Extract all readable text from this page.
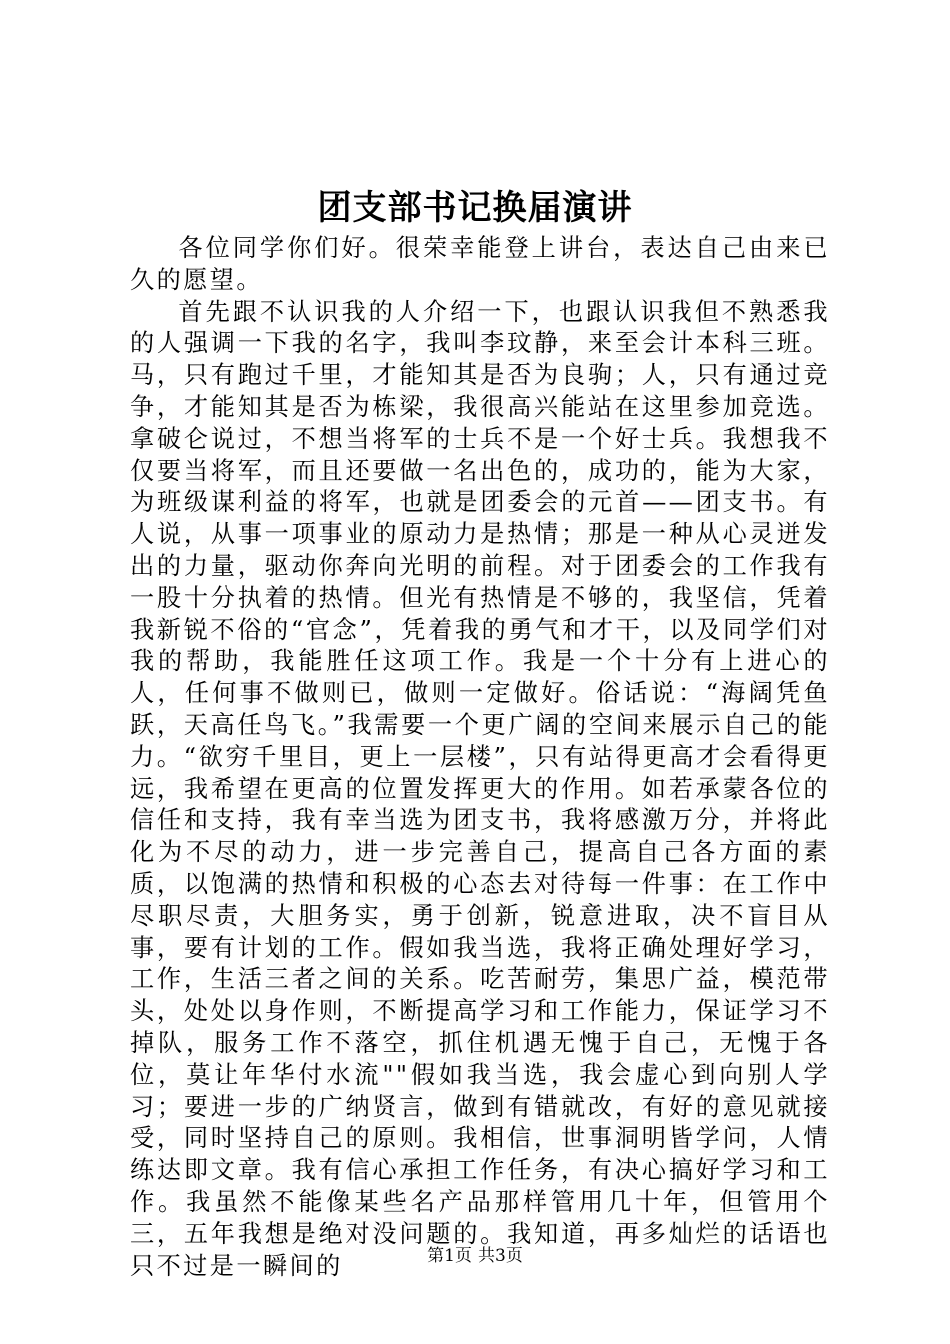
团支部书记换届演讲

各位同学你们好。很荣幸能登上讲台，表达自己由来已久的愿望。

首先跟不认识我的人介绍一下，也跟认识我但不熟悉我的人强调一下我的名字，我叫李玟静，来至会计本科三班。马，只有跑过千里，才能知其是否为良驹；人，只有通过竞争，才能知其是否为栋梁，我很高兴能站在这里参加竞选。拿破仑说过，不想当将军的士兵不是一个好士兵。我想我不仅要当将军，而且还要做一名出色的，成功的，能为大家，为班级谋利益的将军，也就是团委会的元首——团支书。有人说，从事一项事业的原动力是热情；那是一种从心灵迸发出的力量，驱动你奔向光明的前程。对于团委会的工作我有一股十分执着的热情。但光有热情是不够的，我坚信，凭着我新锐不俗的“官念”，凭着我的勇气和才干，以及同学们对我的帮助，我能胜任这项工作。我是一个十分有上进心的人，任何事不做则已，做则一定做好。俗话说：“海阔凭鱼跃，天高任鸟飞。”我需要一个更广阔的空间来展示自己的能力。“欲穷千里目，更上一层楼”，只有站得更高才会看得更远，我希望在更高的位置发挥更大的作用。如若承蒙各位的信任和支持，我有幸当选为团支书，我将感激万分，并将此化为不尽的动力，进一步完善自己，提高自己各方面的素质，以饱满的热情和积极的心态去对待每一件事：在工作中尽职尽责，大胆务实，勇于创新，锐意进取，决不盲目从事，要有计划的工作。假如我当选，我将正确处理好学习，工作，生活三者之间的关系。吃苦耐劳，集思广益，模范带头，处处以身作则，不断提高学习和工作能力，保证学习不掉队，服务工作不落空，抓住机遇无愧于自己，无愧于各位，莫让年华付水流""假如我当选，我会虚心到向别人学习；要进一步的广纳贤言，做到有错就改，有好的意见就接受，同时坚持自己的原则。我相信，世事洞明皆学问，人情练达即文章。我有信心承担工作任务，有决心搞好学习和工作。我虽然不能像某些名产品那样管用几十年，但管用个三，五年我想是绝对没问题的。我知道，再多灿烂的话语也只不过是一瞬间的	第1页 共3页
